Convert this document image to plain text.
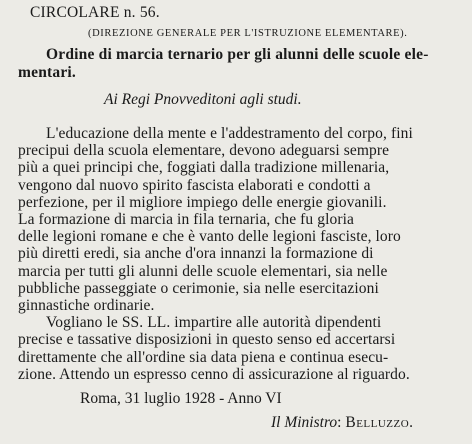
CIRCOLARE n. 56.

(DIREZIONE GENERALE PER L'ISTRUZIONE ELEMENTARE).

Ordine di marcia ternario per gli alunni delle scuole ele-

mentari.

Ai Regi Pnovveditoni agli studi.

L'educazione della mente e l'addestramento del corpo, fini

precipui della scuola elementare, devono adeguarsi sempre

più a quei principi che, foggiati dalla tradizione millenaria,

vengono dal nuovo spirito fascista elaborati e condotti a

perfezione, per il migliore impiego delle energie giovanili.

La formazione di marcia in fila ternaria, che fu gloria

delle legioni romane e che è vanto delle legioni fasciste, loro

più diretti eredi, sia anche d'ora innanzi la formazione di

marcia per tutti gli alunni delle scuole elementari, sia nelle

pubbliche passeggiate o cerimonie, sia nelle esercitazioni

ginnastiche ordinarie.

Vogliano le SS. LL. impartire alle autorità dipendenti

precise e tassative disposizioni in questo senso ed accertarsi

direttamente che all'ordine sia data piena e continua esecu-

zione. Attendo un espresso cenno di assicurazione al riguardo.

Roma, 31 luglio 1928 - Anno VI

Il Ministro: Belluzzo.
